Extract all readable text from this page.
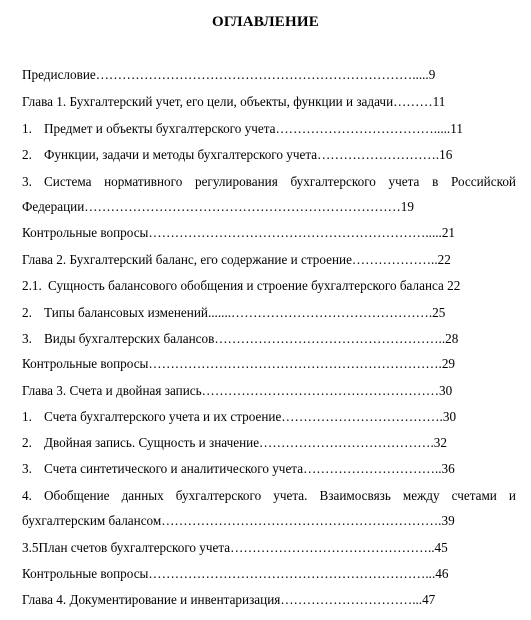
ОГЛАВЛЕНИЕ
Предисловие……………………………………………………………….....9
Глава 1. Бухгалтерский учет, его цели, объекты, функции и задачи………11
1. Предмет и объекты бухгалтерского учета……………………………….....11
2. Функции, задачи и методы бухгалтерского учета……………………….16
3. Система нормативного регулирования бухгалтерского учета в Российской
Федерации………………………………………………………………19
Контрольные вопросы……………………………………………………….....21
Глава 2. Бухгалтерский баланс, его содержание и строение………………..22
2.1. Сущность балансового обобщения и строение бухгалтерского баланса 22
2. Типы балансовых изменений.......……………………………………….25
3. Виды бухгалтерских балансов……………………………………………..28
Контрольные вопросы………………………………………………………….29
Глава 3. Счета и двойная запись………………………………………………30
1. Счета бухгалтерского учета и их строение……………………………….30
2. Двойная запись. Сущность и значение………………………………….32
3. Счета синтетического и аналитического учета…………………………..36
4. Обобщение данных бухгалтерского учета. Взаимосвязь между счетами и
бухгалтерским балансом……………………………………………………….39
3.5План счетов бухгалтерского учета………………………………………..45
Контрольные вопросы………………………………………………………...46
Глава 4. Документирование и инвентаризация…………………………...47
